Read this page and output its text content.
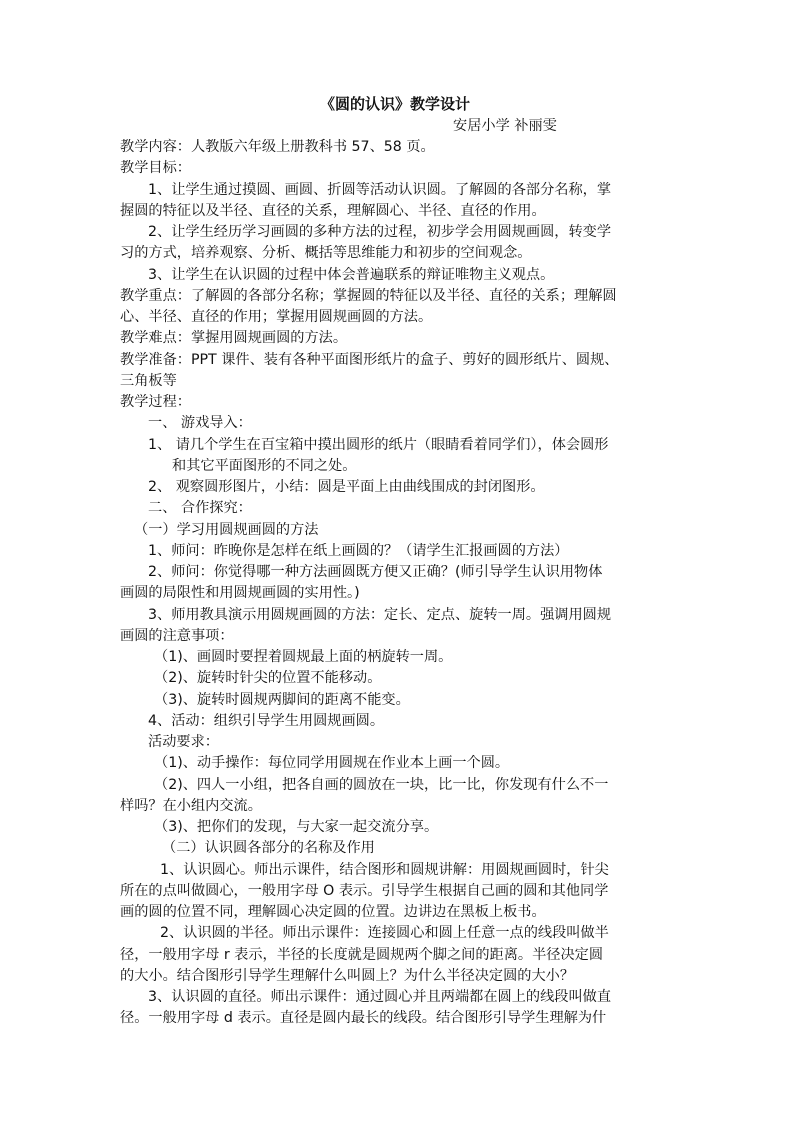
《圆的认识》教学设计
安居小学 补丽雯
教学内容：人教版六年级上册教科书 57、58 页。
教学目标：
1、让学生通过摸圆、画圆、折圆等活动认识圆。了解圆的各部分名称，掌
握圆的特征以及半径、直径的关系，理解圆心、半径、直径的作用。
2、让学生经历学习画圆的多种方法的过程，初步学会用圆规画圆，转变学
习的方式，培养观察、分析、概括等思维能力和初步的空间观念。
3、让学生在认识圆的过程中体会普遍联系的辩证唯物主义观点。
教学重点：了解圆的各部分名称；掌握圆的特征以及半径、直径的关系；理解圆
心、半径、直径的作用；掌握用圆规画圆的方法。
教学难点：掌握用圆规画圆的方法。
教学准备：PPT 课件、装有各种平面图形纸片的盒子、剪好的圆形纸片、圆规、
三角板等
教学过程：
一、 游戏导入：
1、 请几个学生在百宝箱中摸出圆形的纸片（眼睛看着同学们），体会圆形
和其它平面图形的不同之处。
2、 观察圆形图片，小结：圆是平面上由曲线围成的封闭图形。
二、 合作探究：
（一）学习用圆规画圆的方法
1、师问：昨晚你是怎样在纸上画圆的？（请学生汇报画圆的方法）
2、师问：你觉得哪一种方法画圆既方便又正确？(师引导学生认识用物体
画圆的局限性和用圆规画圆的实用性。)
3、师用教具演示用圆规画圆的方法：定长、定点、旋转一周。强调用圆规
画圆的注意事项：
（1)、画圆时要捏着圆规最上面的柄旋转一周。
（2)、旋转时针尖的位置不能移动。
（3)、旋转时圆规两脚间的距离不能变。
4、活动：组织引导学生用圆规画圆。
活动要求：
（1)、动手操作：每位同学用圆规在作业本上画一个圆。
（2)、四人一小组，把各自画的圆放在一块，比一比，你发现有什么不一
样吗？在小组内交流。
（3)、把你们的发现，与大家一起交流分享。
（二）认识圆各部分的名称及作用
1、认识圆心。师出示课件，结合图形和圆规讲解：用圆规画圆时，针尖
所在的点叫做圆心，一般用字母 O 表示。引导学生根据自己画的圆和其他同学
画的圆的位置不同，理解圆心决定圆的位置。边讲边在黑板上板书。
2、认识圆的半径。师出示课件：连接圆心和圆上任意一点的线段叫做半
径，一般用字母 r 表示，半径的长度就是圆规两个脚之间的距离。半径决定圆
的大小。结合图形引导学生理解什么叫圆上？为什么半径决定圆的大小？
3、认识圆的直径。师出示课件：通过圆心并且两端都在圆上的线段叫做直
径。一般用字母 d 表示。直径是圆内最长的线段。结合图形引导学生理解为什
